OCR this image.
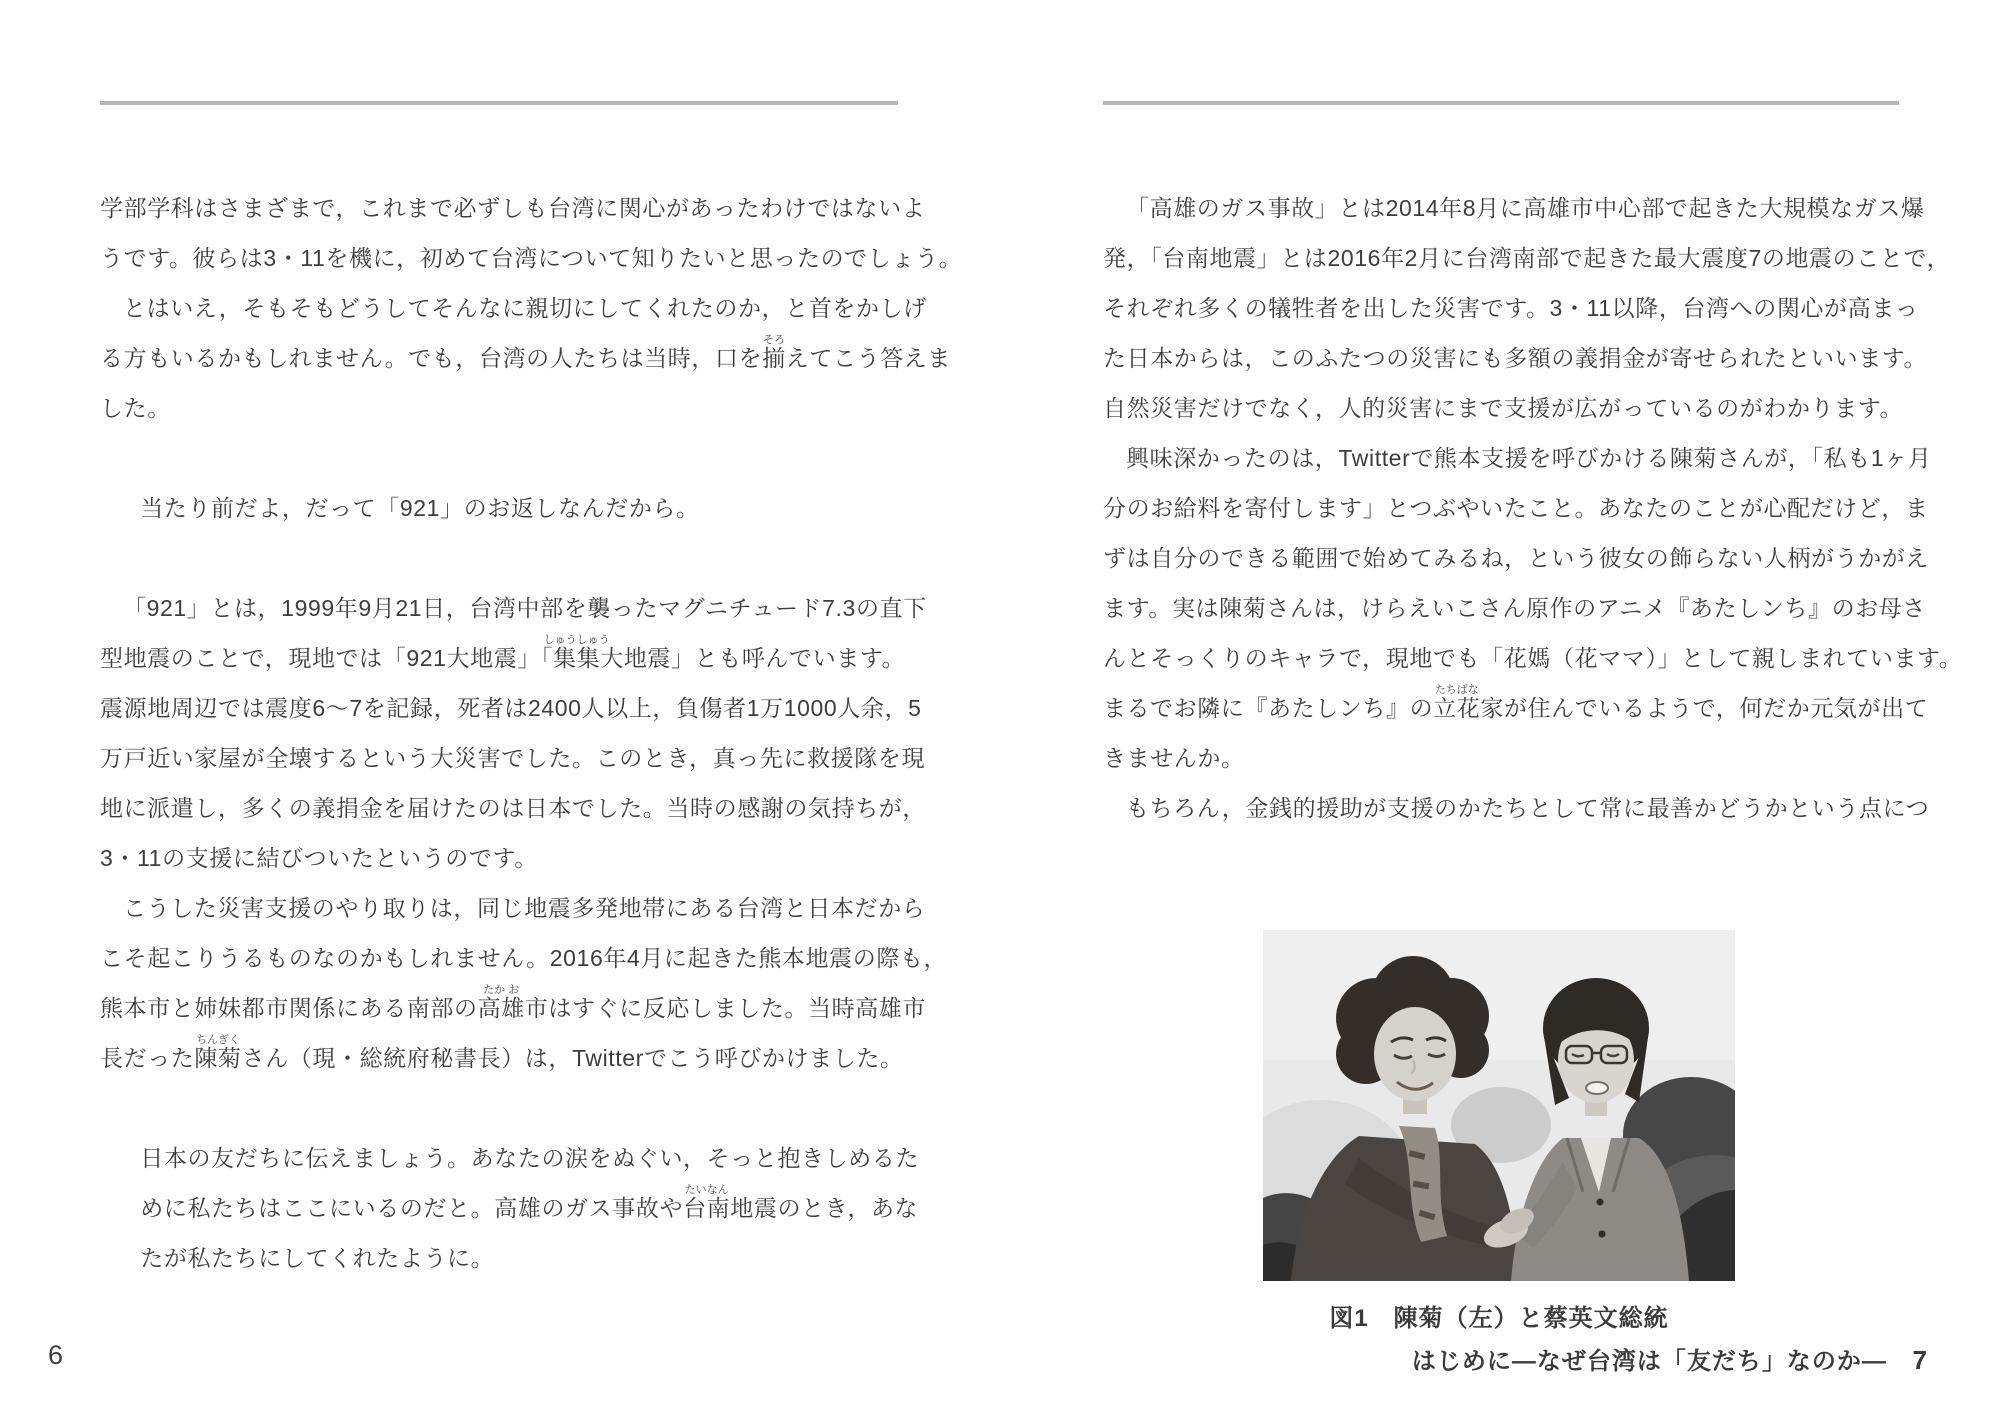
学部学科はさまざまで，これまで必ずしも台湾に関心があったわけではないよ
うです。彼らは3・11を機に，初めて台湾について知りたいと思ったのでしょう。
とはいえ，そもそもどうしてそんなに親切にしてくれたのか，と首をかしげ
る方もいるかもしれません。でも，台湾の人たちは当時，口を揃
そろ
えてこう答えま
した。
当たり前だよ，だって「921」のお返しなんだから。
「921」とは，1999年9月21日，台湾中部を襲ったマグニチュード7.3の直下
型地震のことで，現地では「921大地震」「集集
しゅうしゅう
大地震」とも呼んでいます。
震源地周辺では震度6〜7を記録，死者は2400人以上，負傷者1万1000人余，5
万戸近い家屋が全壊するという大災害でした。このとき，真っ先に救援隊を現
地に派遣し，多くの義捐金を届けたのは日本でした。当時の感謝の気持ちが，
3・11の支援に結びついたというのです。
こうした災害支援のやり取りは，同じ地震多発地帯にある台湾と日本だから
こそ起こりうるものなのかもしれません。2016年4月に起きた熊本地震の際も，
熊本市と姉妹都市関係にある南部の高雄
たか お
市はすぐに反応しました。当時高雄市
長だった陳菊
ちんぎく
さん（現・総統府秘書長）は，Twitterでこう呼びかけました。
日本の友だちに伝えましょう。あなたの涙をぬぐい，そっと抱きしめるた
めに私たちはここにいるのだと。高雄のガス事故や台南
たいなん
地震のとき，あな
たが私たちにしてくれたように。
6
「高雄のガス事故」とは2014年8月に高雄市中心部で起きた大規模なガス爆
発，「台南地震」とは2016年2月に台湾南部で起きた最大震度7の地震のことで，
それぞれ多くの犠牲者を出した災害です。3・11以降，台湾への関心が高まっ
た日本からは，このふたつの災害にも多額の義捐金が寄せられたといいます。
自然災害だけでなく，人的災害にまで支援が広がっているのがわかります。
興味深かったのは，Twitterで熊本支援を呼びかける陳菊さんが，「私も1ヶ月
分のお給料を寄付します」とつぶやいたこと。あなたのことが心配だけど，ま
ずは自分のできる範囲で始めてみるね，という彼女の飾らない人柄がうかがえ
ます。実は陳菊さんは，けらえいこさん原作のアニメ『あたしンち』のお母さ
んとそっくりのキャラで，現地でも「花媽（花ママ）」として親しまれています。
まるでお隣に『あたしンち』の立花
たちばな
家が住んでいるようで，何だか元気が出て
きませんか。
もちろん，金銭的援助が支援のかたちとして常に最善かどうかという点につ
図1　陳菊（左）と蔡英文総統
はじめに―なぜ台湾は「友だち」なのか― 7
